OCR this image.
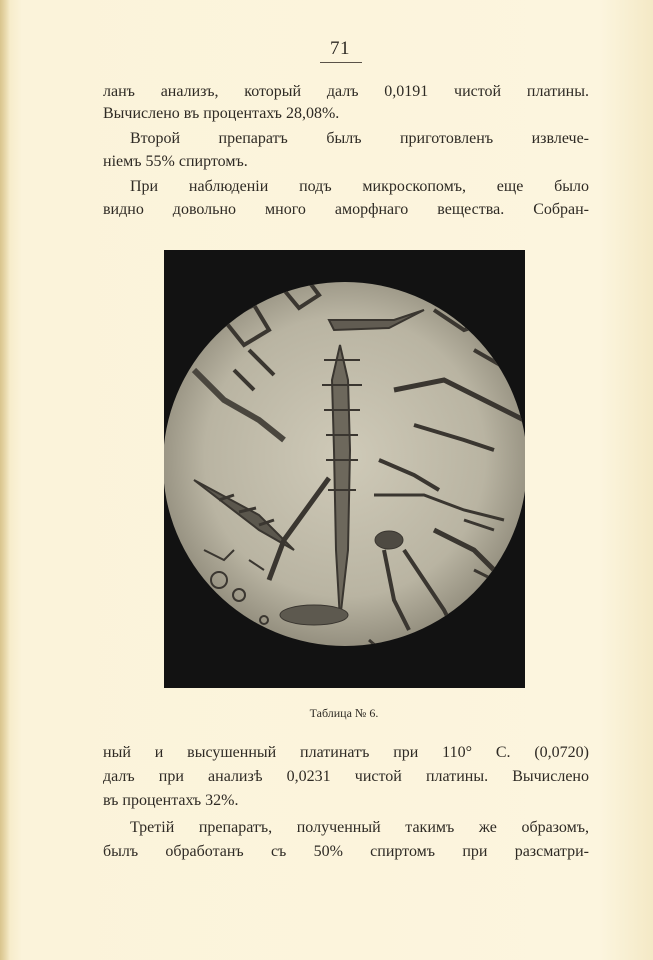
71
ланъ анализъ, который далъ 0,0191 чистой платины.
Вычислено въ процентахъ 28,08%.
Второй препаратъ былъ приготовленъ извлече-
ніемъ 55% спиртомъ.
При наблюденіи подъ микроскопомъ, еще было
видно довольно много аморфнаго вещества. Собран-
Таблица № 6.
ный и высушенный платинатъ при 110° С. (0,0720)
далъ при анализѣ 0,0231 чистой платины. Вычислено
въ процентахъ 32%.
Третій препаратъ, полученный такимъ же образомъ,
былъ обработанъ съ 50% спиртомъ при разсматри-
